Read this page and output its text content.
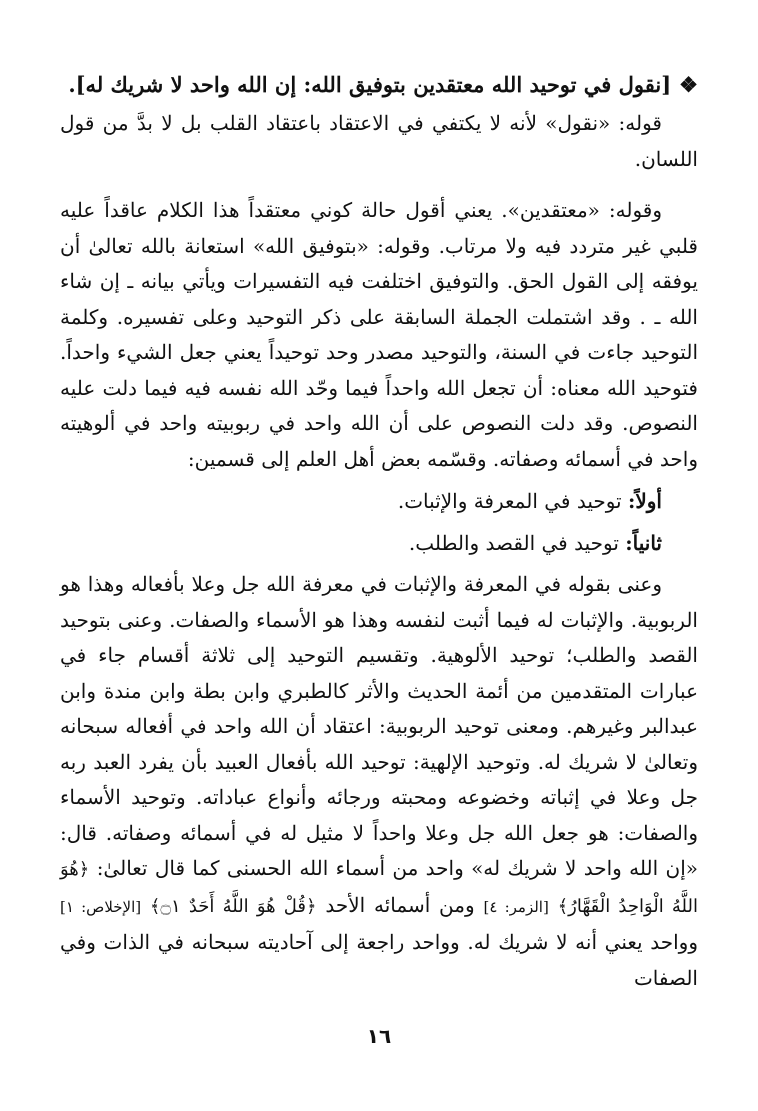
❖[نقول في توحيد الله معتقدين بتوفيق الله: إن الله واحد لا شريك له].

قوله: «نقول» لأنه لا يكتفي في الاعتقاد باعتقاد القلب بل لا بدَّ من قول اللسان.

وقوله: «معتقدين». يعني أقول حالة كوني معتقداً هذا الكلام عاقداً عليه قلبي غير متردد فيه ولا مرتاب. وقوله: «بتوفيق الله» استعانة بالله تعالىٰ أن يوفقه إلى القول الحق. والتوفيق اختلفت فيه التفسيرات ويأتي بيانه ـ إن شاء الله ـ . وقد اشتملت الجملة السابقة على ذكر التوحيد وعلى تفسيره. وكلمة التوحيد جاءت في السنة، والتوحيد مصدر وحد توحيداً يعني جعل الشيء واحداً. فتوحيد الله معناه: أن تجعل الله واحداً فيما وحّد الله نفسه فيه فيما دلت عليه النصوص. وقد دلت النصوص على أن الله واحد في ربوبيته واحد في ألوهيته واحد في أسمائه وصفاته. وقسّمه بعض أهل العلم إلى قسمين:

أولاً: توحيد في المعرفة والإثبات.
ثانياً: توحيد في القصد والطلب.

وعنى بقوله في المعرفة والإثبات في معرفة الله جل وعلا بأفعاله وهذا هو الربوبية. والإثبات له فيما أثبت لنفسه وهذا هو الأسماء والصفات. وعنى بتوحيد القصد والطلب؛ توحيد الألوهية. وتقسيم التوحيد إلى ثلاثة أقسام جاء في عبارات المتقدمين من أئمة الحديث والأثر كالطبري وابن بطة وابن مندة وابن عبدالبر وغيرهم. ومعنى توحيد الربوبية: اعتقاد أن الله واحد في أفعاله سبحانه وتعالىٰ لا شريك له. وتوحيد الإلهية: توحيد الله بأفعال العبيد بأن يفرد العبد ربه جل وعلا في إثباته وخضوعه ومحبته ورجائه وأنواع عباداته. وتوحيد الأسماء والصفات: هو جعل الله جل وعلا واحداً لا مثيل له في أسمائه وصفاته. قال: «إن الله واحد لا شريك له» واحد من أسماء الله الحسنى كما قال تعالىٰ: ﴿هُوَ اللَّهُ الْوَاحِدُ الْقَهَّارُ﴾ [الزمر: ٤] ومن أسمائه الأحد ﴿قُلْ هُوَ اللَّهُ أَحَدٌ ۝١﴾ [الإخلاص: ١] وواحد يعني أنه لا شريك له. وواحد راجعة إلى آحاديته سبحانه في الذات وفي الصفات

١٦
